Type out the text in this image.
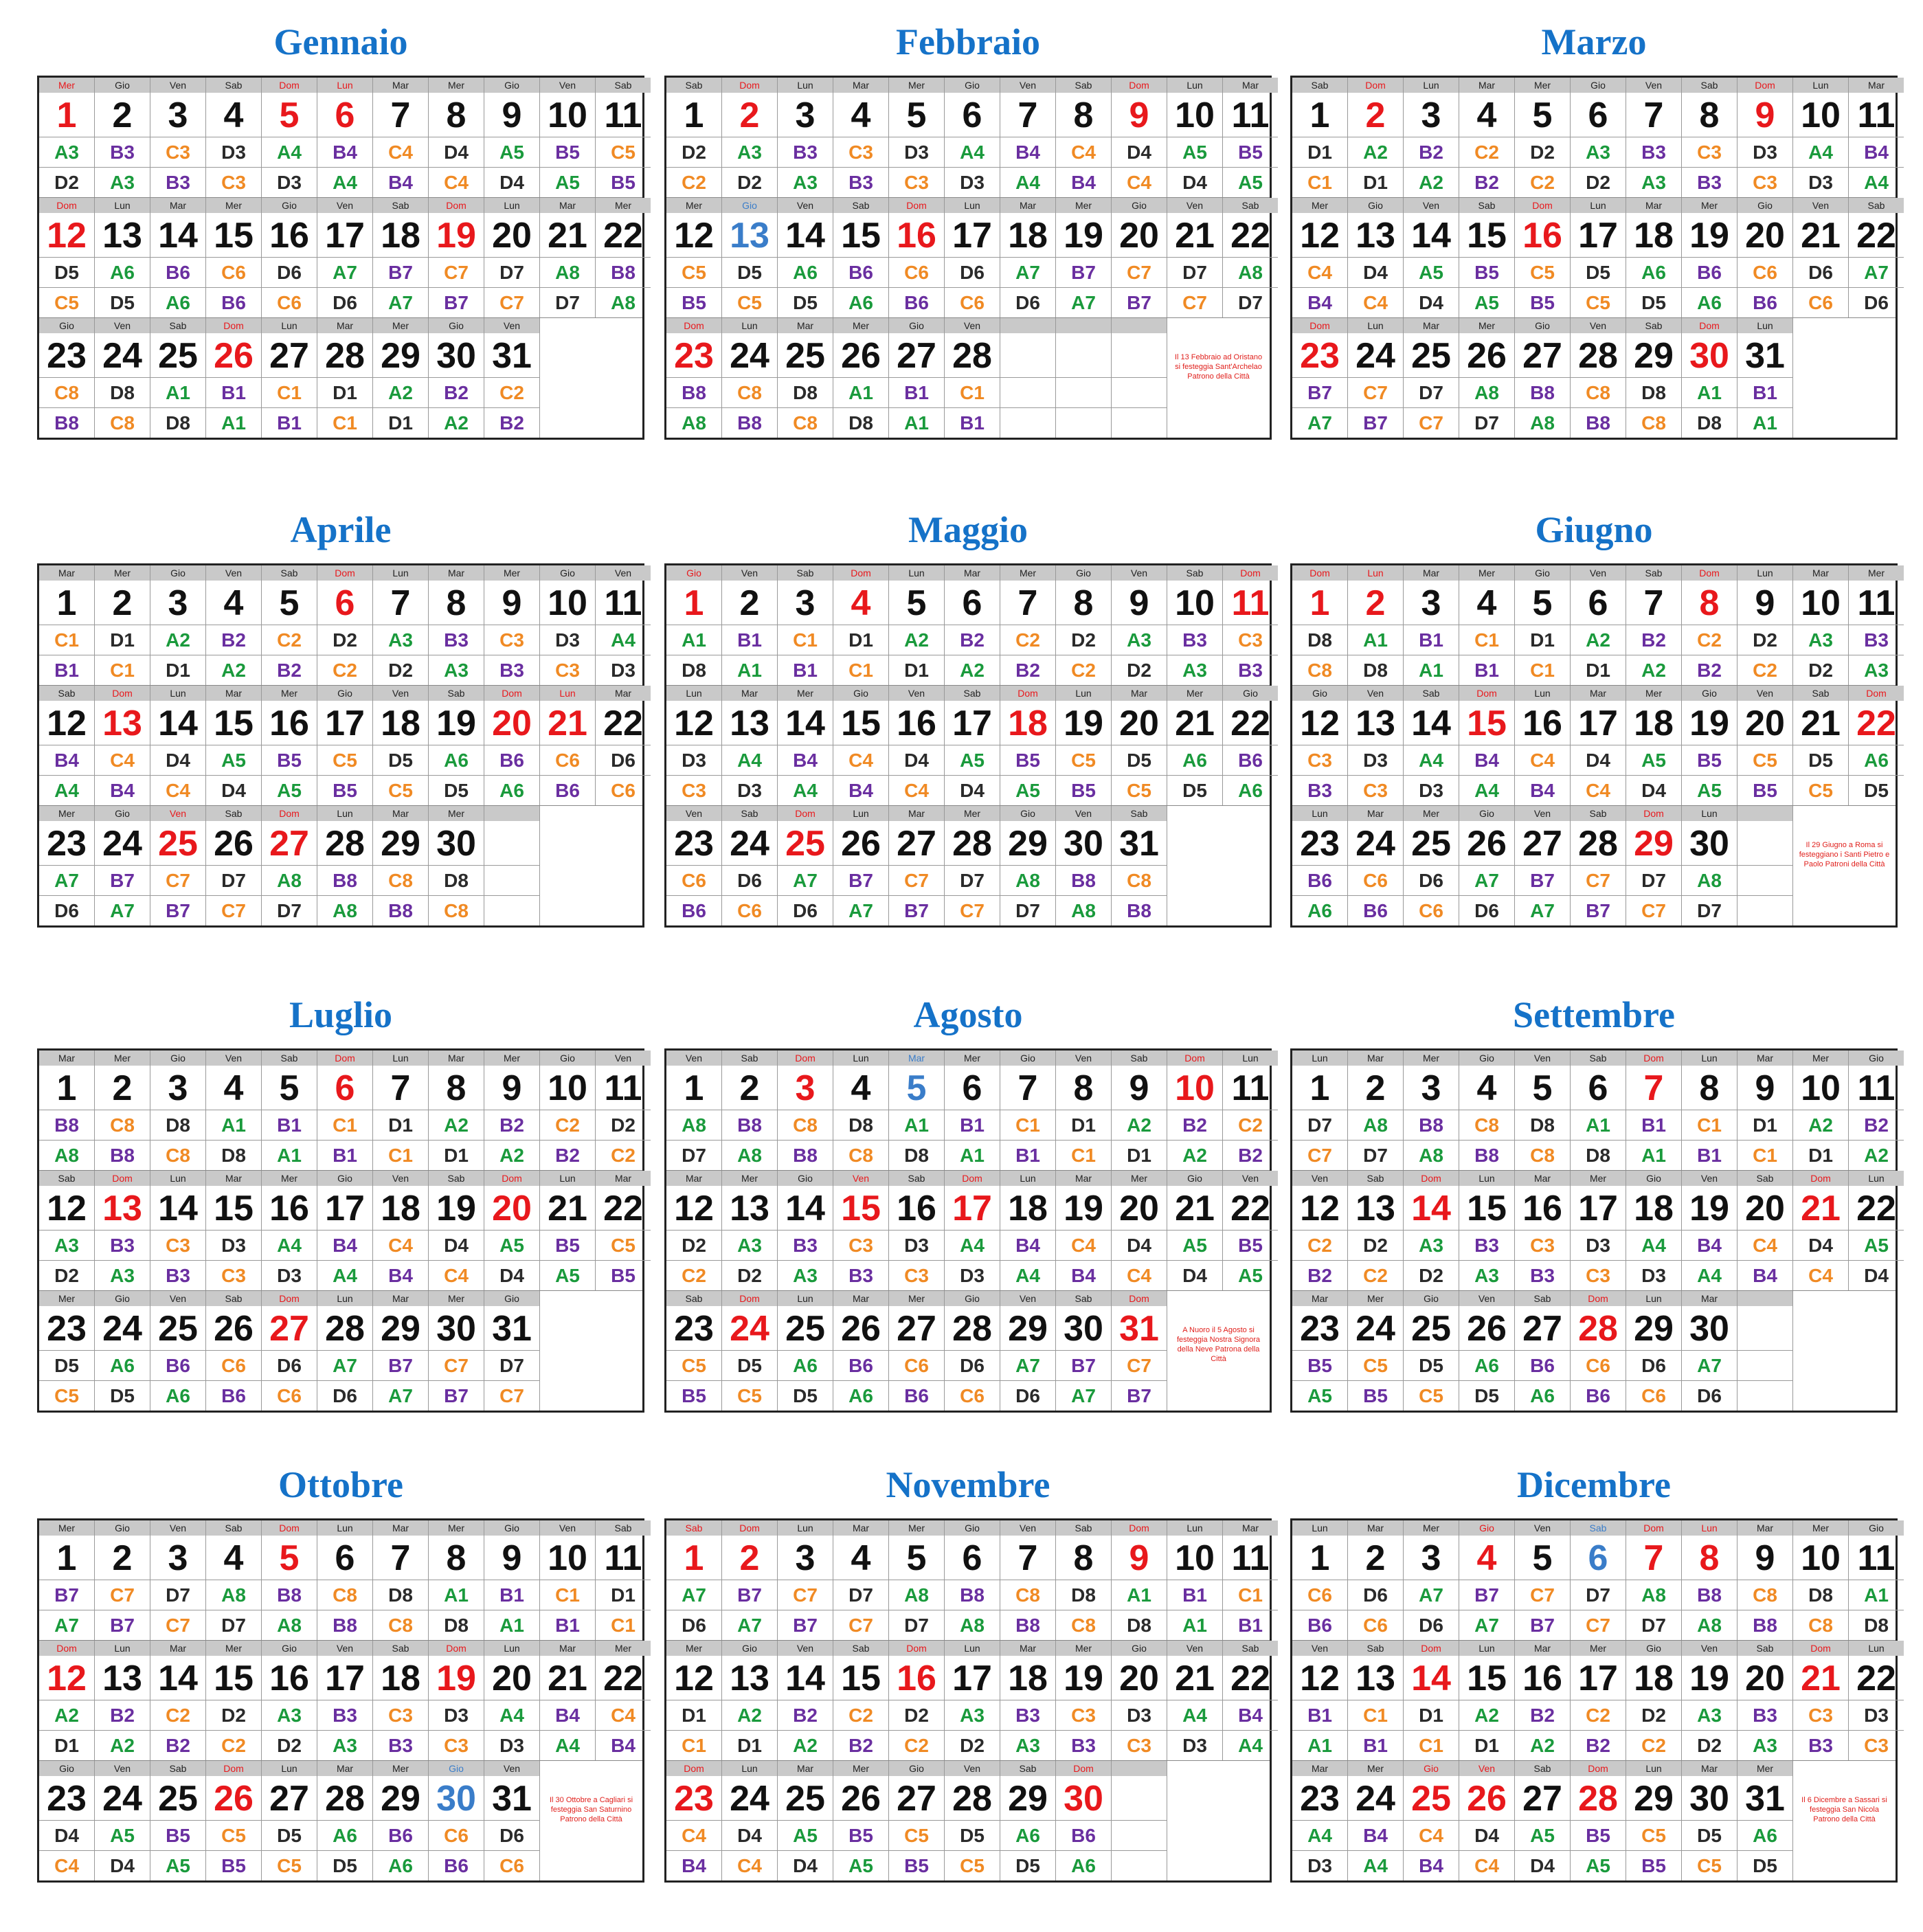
Gennaio
Mer
1
A3
D2
Gio
2
B3
A3
Ven
3
C3
B3
Sab
4
D3
C3
Dom
5
A4
D3
Lun
6
B4
A4
Mar
7
C4
B4
Mer
8
D4
C4
Gio
9
A5
D4
Ven
10
B5
A5
Sab
11
C5
B5
Dom
12
D5
C5
Lun
13
A6
D5
Mar
14
B6
A6
Mer
15
C6
B6
Gio
16
D6
C6
Ven
17
A7
D6
Sab
18
B7
A7
Dom
19
C7
B7
Lun
20
D7
C7
Mar
21
A8
D7
Mer
22
B8
A8
Gio
23
C8
B8
Ven
24
D8
C8
Sab
25
A1
D8
Dom
26
B1
A1
Lun
27
C1
B1
Mar
28
D1
C1
Mer
29
A2
D1
Gio
30
B2
A2
Ven
31
C2
B2
Febbraio
Sab
1
D2
C2
Dom
2
A3
D2
Lun
3
B3
A3
Mar
4
C3
B3
Mer
5
D3
C3
Gio
6
A4
D3
Ven
7
B4
A4
Sab
8
C4
B4
Dom
9
D4
C4
Lun
10
A5
D4
Mar
11
B5
A5
Mer
12
C5
B5
Gio
13
D5
C5
Ven
14
A6
D5
Sab
15
B6
A6
Dom
16
C6
B6
Lun
17
D6
C6
Mar
18
A7
D6
Mer
19
B7
A7
Gio
20
C7
B7
Ven
21
D7
C7
Sab
22
A8
D7
Dom
23
B8
A8
Lun
24
C8
B8
Mar
25
D8
C8
Mer
26
A1
D8
Gio
27
B1
A1
Ven
28
C1
B1
Il 13 Febbraio ad Oristano si festeggia Sant'Archelao Patrono della Città
Marzo
Sab
1
D1
C1
Dom
2
A2
D1
Lun
3
B2
A2
Mar
4
C2
B2
Mer
5
D2
C2
Gio
6
A3
D2
Ven
7
B3
A3
Sab
8
C3
B3
Dom
9
D3
C3
Lun
10
A4
D3
Mar
11
B4
A4
Mer
12
C4
B4
Gio
13
D4
C4
Ven
14
A5
D4
Sab
15
B5
A5
Dom
16
C5
B5
Lun
17
D5
C5
Mar
18
A6
D5
Mer
19
B6
A6
Gio
20
C6
B6
Ven
21
D6
C6
Sab
22
A7
D6
Dom
23
B7
A7
Lun
24
C7
B7
Mar
25
D7
C7
Mer
26
A8
D7
Gio
27
B8
A8
Ven
28
C8
B8
Sab
29
D8
C8
Dom
30
A1
D8
Lun
31
B1
A1
Aprile
Mar
1
C1
B1
Mer
2
D1
C1
Gio
3
A2
D1
Ven
4
B2
A2
Sab
5
C2
B2
Dom
6
D2
C2
Lun
7
A3
D2
Mar
8
B3
A3
Mer
9
C3
B3
Gio
10
D3
C3
Ven
11
A4
D3
Sab
12
B4
A4
Dom
13
C4
B4
Lun
14
D4
C4
Mar
15
A5
D4
Mer
16
B5
A5
Gio
17
C5
B5
Ven
18
D5
C5
Sab
19
A6
D5
Dom
20
B6
A6
Lun
21
C6
B6
Mar
22
D6
C6
Mer
23
A7
D6
Gio
24
B7
A7
Ven
25
C7
B7
Sab
26
D7
C7
Dom
27
A8
D7
Lun
28
B8
A8
Mar
29
C8
B8
Mer
30
D8
C8
Maggio
Gio
1
A1
D8
Ven
2
B1
A1
Sab
3
C1
B1
Dom
4
D1
C1
Lun
5
A2
D1
Mar
6
B2
A2
Mer
7
C2
B2
Gio
8
D2
C2
Ven
9
A3
D2
Sab
10
B3
A3
Dom
11
C3
B3
Lun
12
D3
C3
Mar
13
A4
D3
Mer
14
B4
A4
Gio
15
C4
B4
Ven
16
D4
C4
Sab
17
A5
D4
Dom
18
B5
A5
Lun
19
C5
B5
Mar
20
D5
C5
Mer
21
A6
D5
Gio
22
B6
A6
Ven
23
C6
B6
Sab
24
D6
C6
Dom
25
A7
D6
Lun
26
B7
A7
Mar
27
C7
B7
Mer
28
D7
C7
Gio
29
A8
D7
Ven
30
B8
A8
Sab
31
C8
B8
Giugno
Dom
1
D8
C8
Lun
2
A1
D8
Mar
3
B1
A1
Mer
4
C1
B1
Gio
5
D1
C1
Ven
6
A2
D1
Sab
7
B2
A2
Dom
8
C2
B2
Lun
9
D2
C2
Mar
10
A3
D2
Mer
11
B3
A3
Gio
12
C3
B3
Ven
13
D3
C3
Sab
14
A4
D3
Dom
15
B4
A4
Lun
16
C4
B4
Mar
17
D4
C4
Mer
18
A5
D4
Gio
19
B5
A5
Ven
20
C5
B5
Sab
21
D5
C5
Dom
22
A6
D5
Lun
23
B6
A6
Mar
24
C6
B6
Mer
25
D6
C6
Gio
26
A7
D6
Ven
27
B7
A7
Sab
28
C7
B7
Dom
29
D7
C7
Lun
30
A8
D7
Il 29 Giugno a Roma si festeggiano i Santi Pietro e Paolo Patroni della Città
Luglio
Mar
1
B8
A8
Mer
2
C8
B8
Gio
3
D8
C8
Ven
4
A1
D8
Sab
5
B1
A1
Dom
6
C1
B1
Lun
7
D1
C1
Mar
8
A2
D1
Mer
9
B2
A2
Gio
10
C2
B2
Ven
11
D2
C2
Sab
12
A3
D2
Dom
13
B3
A3
Lun
14
C3
B3
Mar
15
D3
C3
Mer
16
A4
D3
Gio
17
B4
A4
Ven
18
C4
B4
Sab
19
D4
C4
Dom
20
A5
D4
Lun
21
B5
A5
Mar
22
C5
B5
Mer
23
D5
C5
Gio
24
A6
D5
Ven
25
B6
A6
Sab
26
C6
B6
Dom
27
D6
C6
Lun
28
A7
D6
Mar
29
B7
A7
Mer
30
C7
B7
Gio
31
D7
C7
Agosto
Ven
1
A8
D7
Sab
2
B8
A8
Dom
3
C8
B8
Lun
4
D8
C8
Mar
5
A1
D8
Mer
6
B1
A1
Gio
7
C1
B1
Ven
8
D1
C1
Sab
9
A2
D1
Dom
10
B2
A2
Lun
11
C2
B2
Mar
12
D2
C2
Mer
13
A3
D2
Gio
14
B3
A3
Ven
15
C3
B3
Sab
16
D3
C3
Dom
17
A4
D3
Lun
18
B4
A4
Mar
19
C4
B4
Mer
20
D4
C4
Gio
21
A5
D4
Ven
22
B5
A5
Sab
23
C5
B5
Dom
24
D5
C5
Lun
25
A6
D5
Mar
26
B6
A6
Mer
27
C6
B6
Gio
28
D6
C6
Ven
29
A7
D6
Sab
30
B7
A7
Dom
31
C7
B7
A Nuoro il 5 Agosto si festeggia Nostra Signora della Neve Patrona della Città
Settembre
Lun
1
D7
C7
Mar
2
A8
D7
Mer
3
B8
A8
Gio
4
C8
B8
Ven
5
D8
C8
Sab
6
A1
D8
Dom
7
B1
A1
Lun
8
C1
B1
Mar
9
D1
C1
Mer
10
A2
D1
Gio
11
B2
A2
Ven
12
C2
B2
Sab
13
D2
C2
Dom
14
A3
D2
Lun
15
B3
A3
Mar
16
C3
B3
Mer
17
D3
C3
Gio
18
A4
D3
Ven
19
B4
A4
Sab
20
C4
B4
Dom
21
D4
C4
Lun
22
A5
D4
Mar
23
B5
A5
Mer
24
C5
B5
Gio
25
D5
C5
Ven
26
A6
D5
Sab
27
B6
A6
Dom
28
C6
B6
Lun
29
D6
C6
Mar
30
A7
D6
Ottobre
Mer
1
B7
A7
Gio
2
C7
B7
Ven
3
D7
C7
Sab
4
A8
D7
Dom
5
B8
A8
Lun
6
C8
B8
Mar
7
D8
C8
Mer
8
A1
D8
Gio
9
B1
A1
Ven
10
C1
B1
Sab
11
D1
C1
Dom
12
A2
D1
Lun
13
B2
A2
Mar
14
C2
B2
Mer
15
D2
C2
Gio
16
A3
D2
Ven
17
B3
A3
Sab
18
C3
B3
Dom
19
D3
C3
Lun
20
A4
D3
Mar
21
B4
A4
Mer
22
C4
B4
Gio
23
D4
C4
Ven
24
A5
D4
Sab
25
B5
A5
Dom
26
C5
B5
Lun
27
D5
C5
Mar
28
A6
D5
Mer
29
B6
A6
Gio
30
C6
B6
Ven
31
D6
C6
Il 30 Ottobre a Cagliari si festeggia San Saturnino Patrono della Città
Novembre
Sab
1
A7
D6
Dom
2
B7
A7
Lun
3
C7
B7
Mar
4
D7
C7
Mer
5
A8
D7
Gio
6
B8
A8
Ven
7
C8
B8
Sab
8
D8
C8
Dom
9
A1
D8
Lun
10
B1
A1
Mar
11
C1
B1
Mer
12
D1
C1
Gio
13
A2
D1
Ven
14
B2
A2
Sab
15
C2
B2
Dom
16
D2
C2
Lun
17
A3
D2
Mar
18
B3
A3
Mer
19
C3
B3
Gio
20
D3
C3
Ven
21
A4
D3
Sab
22
B4
A4
Dom
23
C4
B4
Lun
24
D4
C4
Mar
25
A5
D4
Mer
26
B5
A5
Gio
27
C5
B5
Ven
28
D5
C5
Sab
29
A6
D5
Dom
30
B6
A6
Dicembre
Lun
1
C6
B6
Mar
2
D6
C6
Mer
3
A7
D6
Gio
4
B7
A7
Ven
5
C7
B7
Sab
6
D7
C7
Dom
7
A8
D7
Lun
8
B8
A8
Mar
9
C8
B8
Mer
10
D8
C8
Gio
11
A1
D8
Ven
12
B1
A1
Sab
13
C1
B1
Dom
14
D1
C1
Lun
15
A2
D1
Mar
16
B2
A2
Mer
17
C2
B2
Gio
18
D2
C2
Ven
19
A3
D2
Sab
20
B3
A3
Dom
21
C3
B3
Lun
22
D3
C3
Mar
23
A4
D3
Mer
24
B4
A4
Gio
25
C4
B4
Ven
26
D4
C4
Sab
27
A5
D4
Dom
28
B5
A5
Lun
29
C5
B5
Mar
30
D5
C5
Mer
31
A6
D5
Il 6 Dicembre a Sassari si festeggia San Nicola Patrono della Città
